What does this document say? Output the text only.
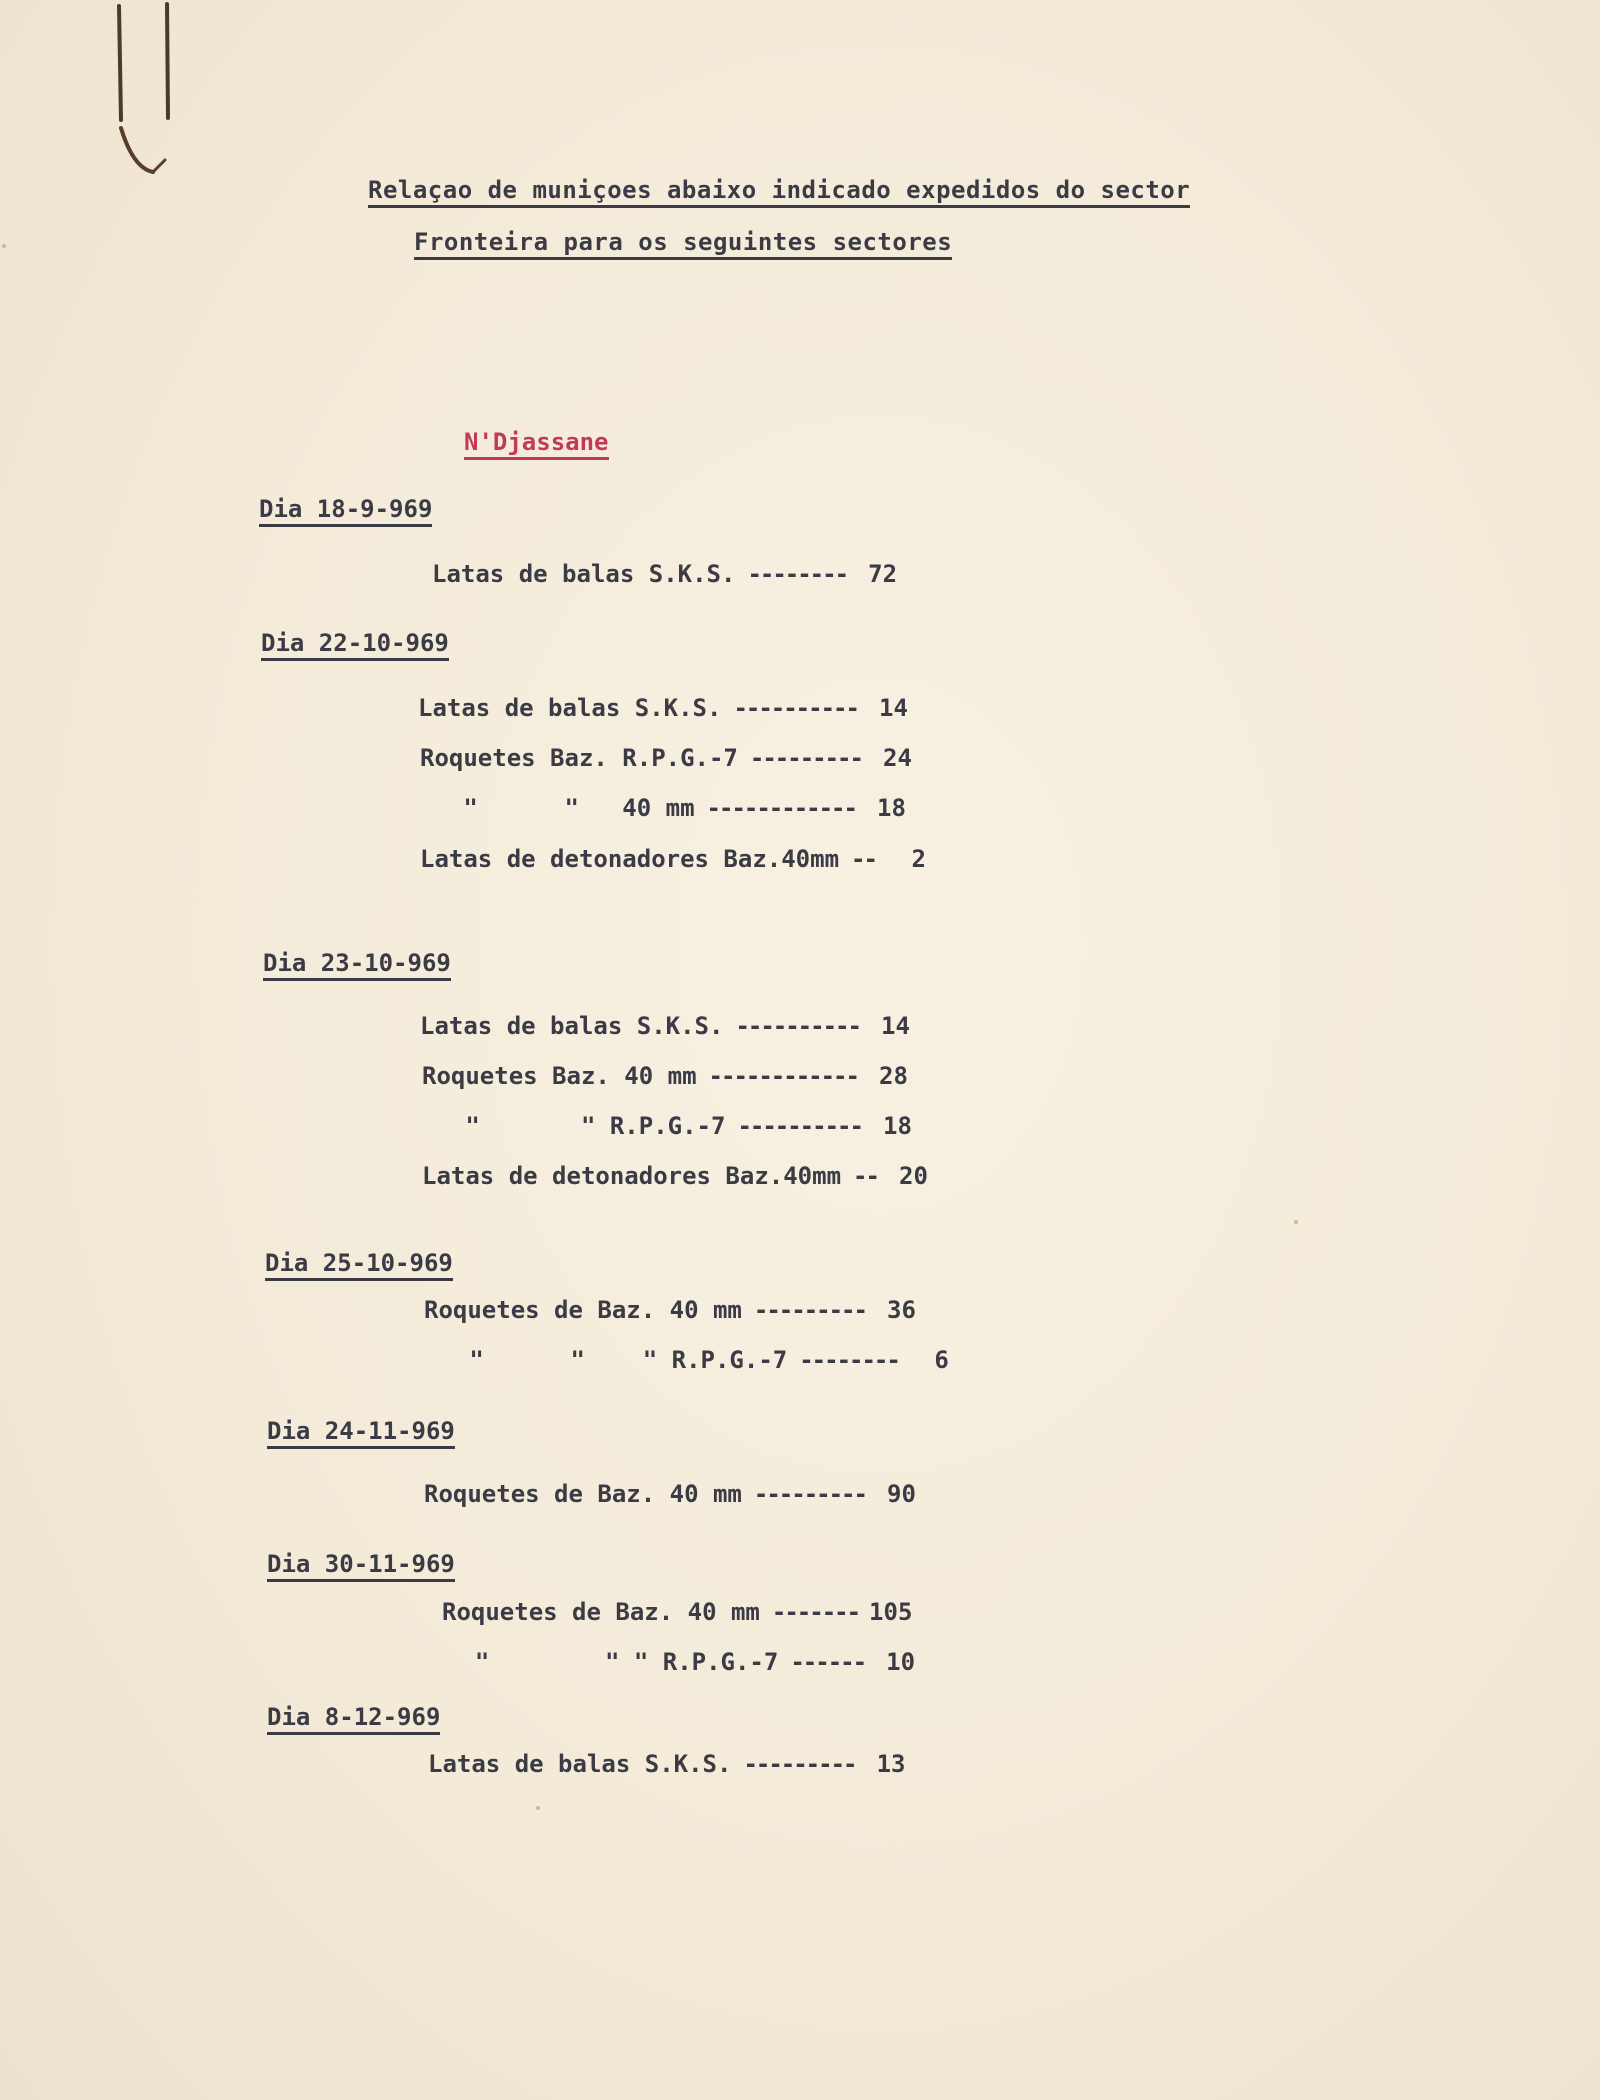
Relaçao de muniçoes abaixo indicado expedidos do sector
Fronteira para os seguintes sectores
N'Djassane
Dia 18-9-969
Latas de balas S.K.S. -------- 72
Dia 22-10-969
Latas de balas S.K.S. ---------- 14
Roquetes Baz. R.P.G.-7 --------- 24
"      "   40 mm ------------ 18
Latas de detonadores Baz.40mm --	2
Dia 23-10-969
Latas de balas S.K.S. ---------- 14
Roquetes Baz. 40 mm ------------ 28
"       " R.P.G.-7 ---------- 18
Latas de detonadores Baz.40mm -- 20
Dia 25-10-969
Roquetes de Baz. 40 mm --------- 36
"      "    " R.P.G.-7 --------	6
Dia 24-11-969
Roquetes de Baz. 40 mm --------- 90
Dia 30-11-969
Roquetes de Baz. 40 mm ------- 105
"        " " R.P.G.-7 ------ 10
Dia 8-12-969
Latas de balas S.K.S. --------- 13
